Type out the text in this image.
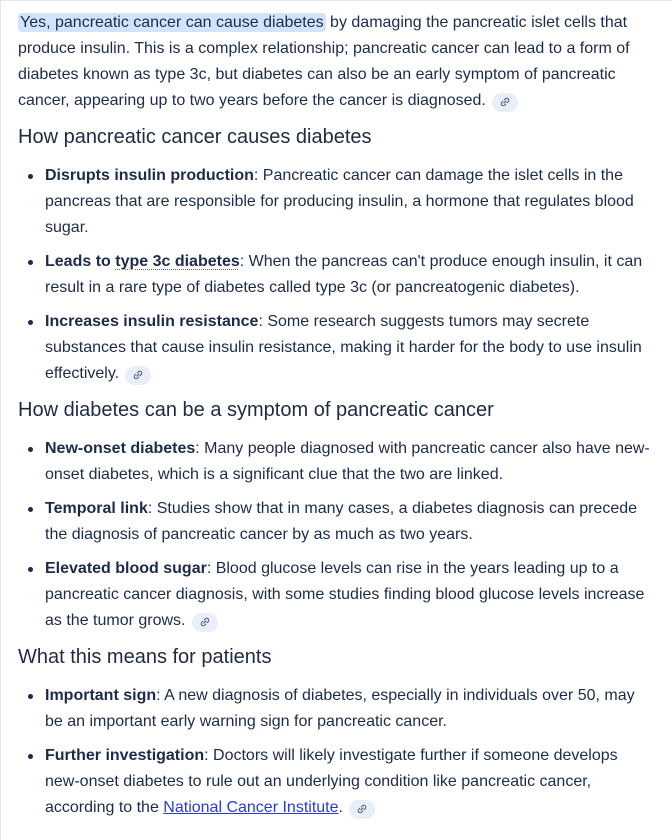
Yes, pancreatic cancer can cause diabetes by damaging the pancreatic islet cells that produce insulin. This is a complex relationship; pancreatic cancer can lead to a form of diabetes known as type 3c, but diabetes can also be an early symptom of pancreatic cancer, appearing up to two years before the cancer is diagnosed.

How pancreatic cancer causes diabetes
Disrupts insulin production: Pancreatic cancer can damage the islet cells in the pancreas that are responsible for producing insulin, a hormone that regulates blood sugar.
Leads to type 3c diabetes: When the pancreas can't produce enough insulin, it can result in a rare type of diabetes called type 3c (or pancreatogenic diabetes).
Increases insulin resistance: Some research suggests tumors may secrete substances that cause insulin resistance, making it harder for the body to use insulin effectively.
How diabetes can be a symptom of pancreatic cancer
New-onset diabetes: Many people diagnosed with pancreatic cancer also have new-onset diabetes, which is a significant clue that the two are linked.
Temporal link: Studies show that in many cases, a diabetes diagnosis can precede the diagnosis of pancreatic cancer by as much as two years.
Elevated blood sugar: Blood glucose levels can rise in the years leading up to a pancreatic cancer diagnosis, with some studies finding blood glucose levels increase as the tumor grows.
What this means for patients
Important sign: A new diagnosis of diabetes, especially in individuals over 50, may be an important early warning sign for pancreatic cancer.
Further investigation: Doctors will likely investigate further if someone develops new-onset diabetes to rule out an underlying condition like pancreatic cancer, according to the National Cancer Institute.
